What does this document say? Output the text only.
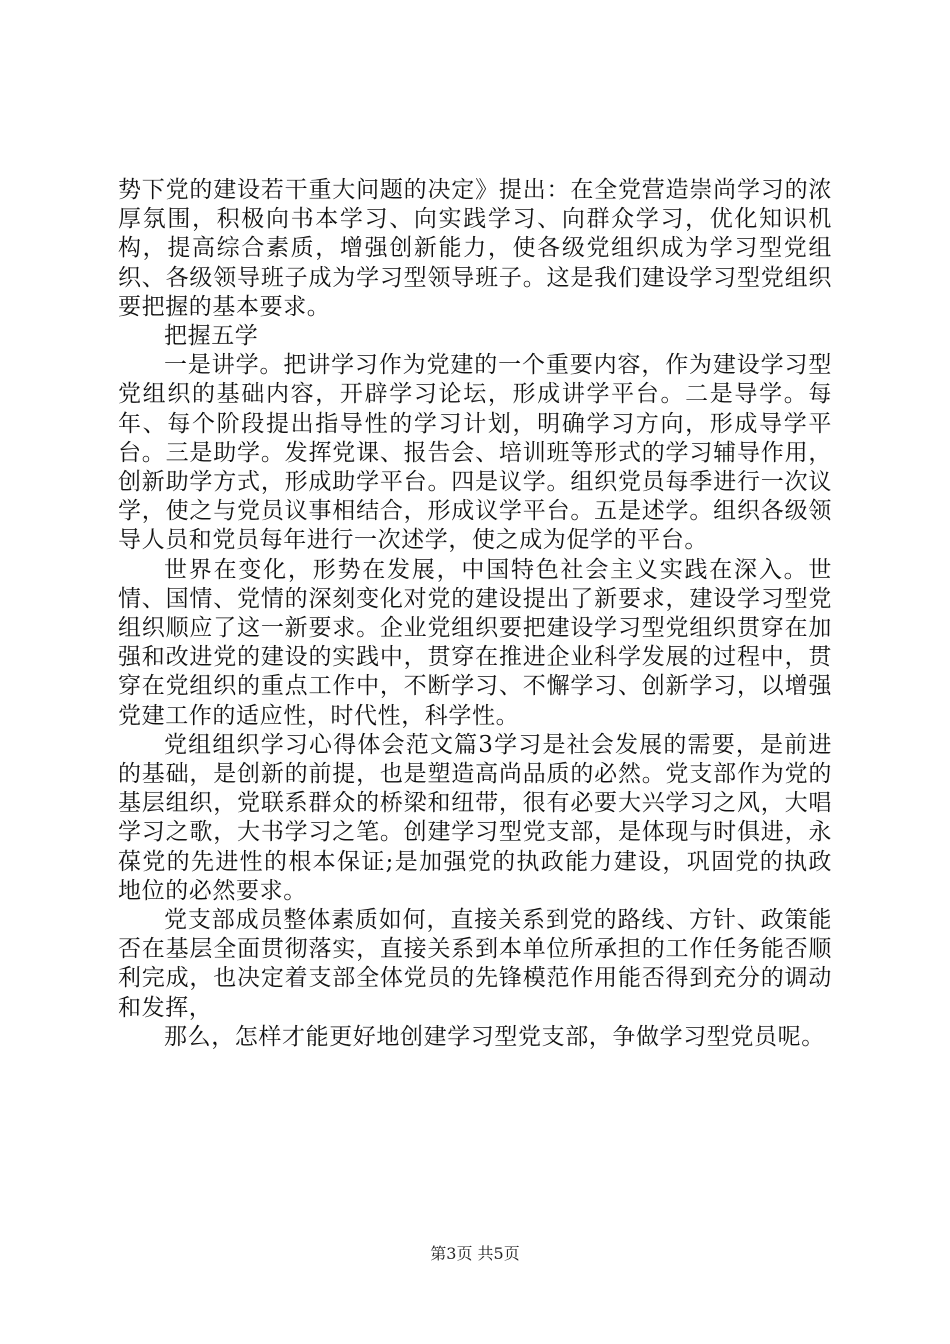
势下党的建设若干重大问题的决定》提出：在全党营造崇尚学习的浓厚氛围，积极向书本学习、向实践学习、向群众学习，优化知识机构，提高综合素质，增强创新能力，使各级党组织成为学习型党组织、各级领导班子成为学习型领导班子。这是我们建设学习型党组织要把握的基本要求。

把握五学

一是讲学。把讲学习作为党建的一个重要内容，作为建设学习型党组织的基础内容，开辟学习论坛，形成讲学平台。二是导学。每年、每个阶段提出指导性的学习计划，明确学习方向，形成导学平台。三是助学。发挥党课、报告会、培训班等形式的学习辅导作用，创新助学方式，形成助学平台。四是议学。组织党员每季进行一次议学，使之与党员议事相结合，形成议学平台。五是述学。组织各级领导人员和党员每年进行一次述学，使之成为促学的平台。

世界在变化，形势在发展，中国特色社会主义实践在深入。世情、国情、党情的深刻变化对党的建设提出了新要求，建设学习型党组织顺应了这一新要求。企业党组织要把建设学习型党组织贯穿在加强和改进党的建设的实践中，贯穿在推进企业科学发展的过程中，贯穿在党组织的重点工作中，不断学习、不懈学习、创新学习，以增强党建工作的适应性，时代性，科学性。

党组组织学习心得体会范文篇3学习是社会发展的需要，是前进的基础，是创新的前提，也是塑造高尚品质的必然。党支部作为党的基层组织，党联系群众的桥梁和纽带，很有必要大兴学习之风，大唱学习之歌，大书学习之笔。创建学习型党支部，是体现与时俱进，永葆党的先进性的根本保证;是加强党的执政能力建设，巩固党的执政地位的必然要求。

党支部成员整体素质如何，直接关系到党的路线、方针、政策能否在基层全面贯彻落实，直接关系到本单位所承担的工作任务能否顺利完成，也决定着支部全体党员的先锋模范作用能否得到充分的调动和发挥，

那么，怎样才能更好地创建学习型党支部，争做学习型党员呢。

第3页 共5页
